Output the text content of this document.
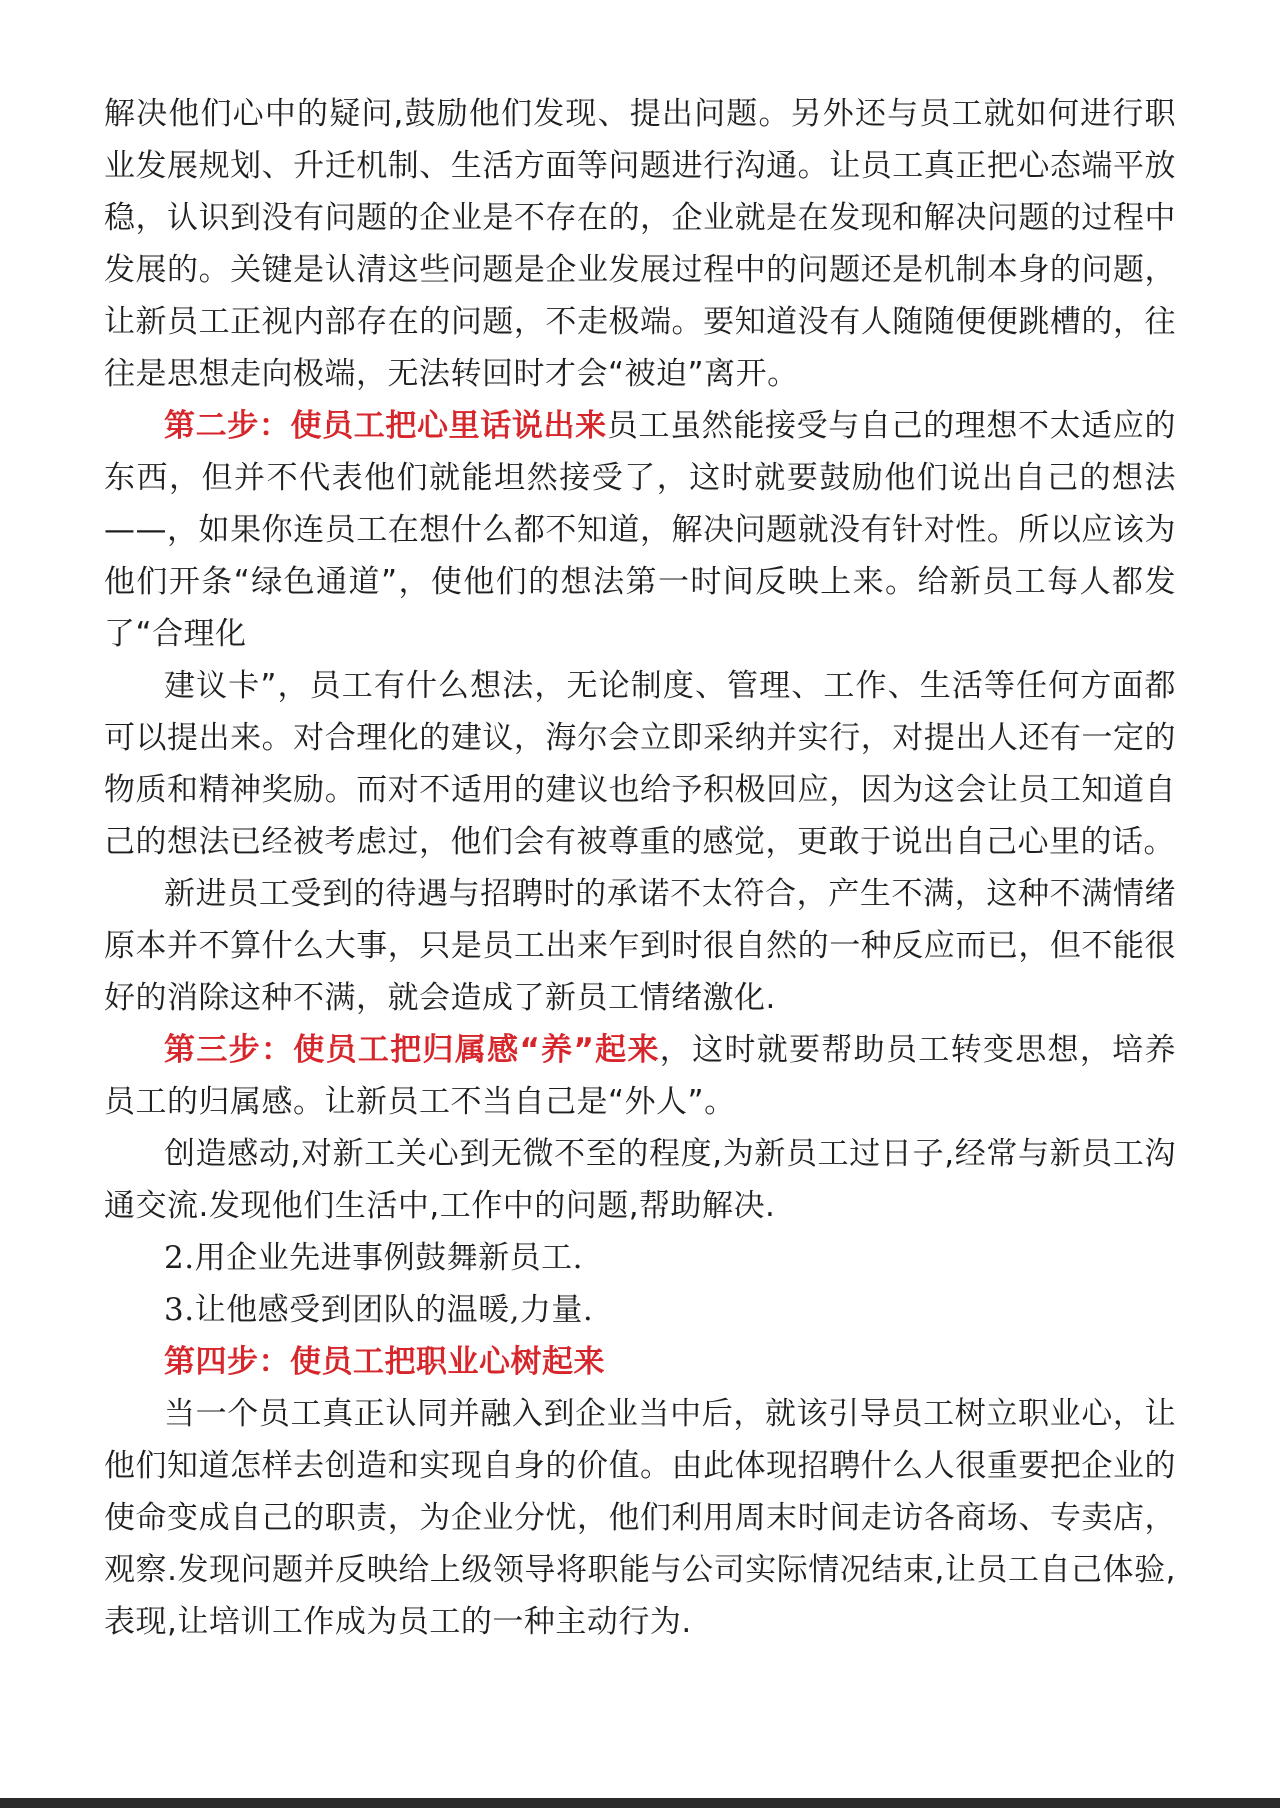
解决他们心中的疑问,鼓励他们发现、提出问题。另外还与员工就如何进行职业发展规划、升迁机制、生活方面等问题进行沟通。让员工真正把心态端平放稳，认识到没有问题的企业是不存在的，企业就是在发现和解决问题的过程中发展的。关键是认清这些问题是企业发展过程中的问题还是机制本身的问题，让新员工正视内部存在的问题，不走极端。要知道没有人随随便便跳槽的，往往是思想走向极端，无法转回时才会“被迫”离开。

第二步：使员工把心里话说出来员工虽然能接受与自己的理想不太适应的东西，但并不代表他们就能坦然接受了，这时就要鼓励他们说出自己的想法——，如果你连员工在想什么都不知道，解决问题就没有针对性。所以应该为他们开条“绿色通道”，使他们的想法第一时间反映上来。给新员工每人都发了“合理化

建议卡”，员工有什么想法，无论制度、管理、工作、生活等任何方面都可以提出来。对合理化的建议，海尔会立即采纳并实行，对提出人还有一定的物质和精神奖励。而对不适用的建议也给予积极回应，因为这会让员工知道自己的想法已经被考虑过，他们会有被尊重的感觉，更敢于说出自己心里的话。

新进员工受到的待遇与招聘时的承诺不太符合，产生不满，这种不满情绪原本并不算什么大事，只是员工出来乍到时很自然的一种反应而已，但不能很好的消除这种不满，就会造成了新员工情绪激化.

第三步：使员工把归属感“养”起来，这时就要帮助员工转变思想，培养员工的归属感。让新员工不当自己是“外人”。

创造感动,对新工关心到无微不至的程度,为新员工过日子,经常与新员工沟通交流.发现他们生活中,工作中的问题,帮助解决.

2.用企业先进事例鼓舞新员工.

3.让他感受到团队的温暖,力量.

第四步：使员工把职业心树起来

当一个员工真正认同并融入到企业当中后，就该引导员工树立职业心，让他们知道怎样去创造和实现自身的价值。由此体现招聘什么人很重要把企业的使命变成自己的职责，为企业分忧，他们利用周末时间走访各商场、专卖店，观察.发现问题并反映给上级领导将职能与公司实际情况结束,让员工自己体验,表现,让培训工作成为员工的一种主动行为.
